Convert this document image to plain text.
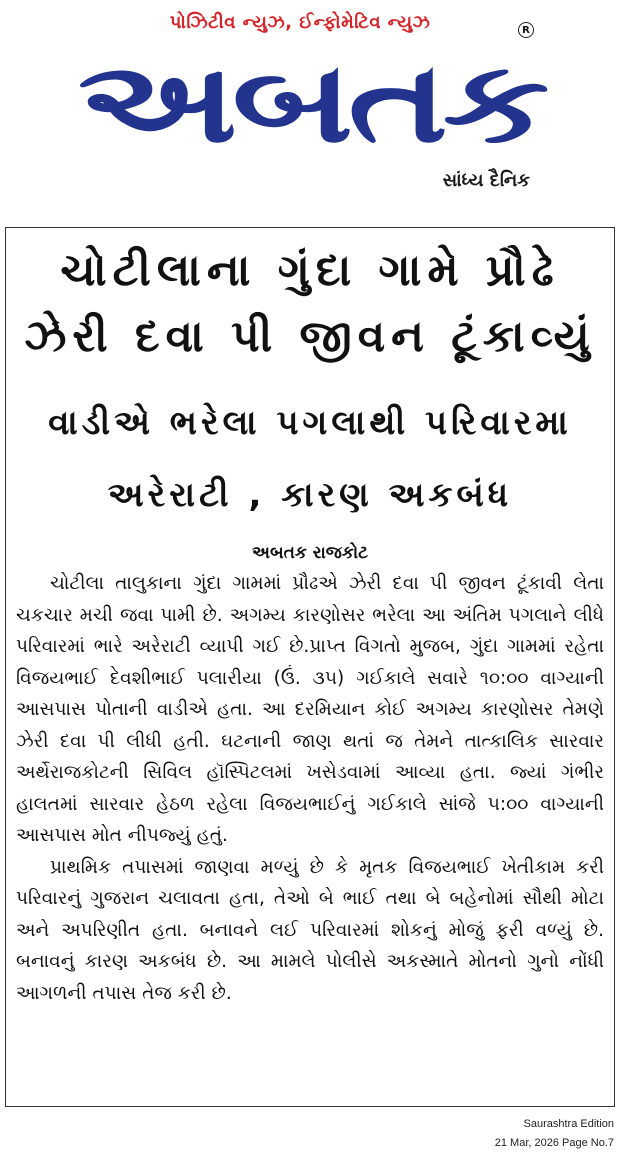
પોઝિટીવ ન્યુઝ, ઈન્ફોમેટિવ ન્યુઝ	R
અબતક
સાંધ્ય દૈનિક
ચોટીલાના ગુંદા ગામે પ્રૌઢે
ઝેરી દવા પી જીવન ટૂંકાવ્યું
વાડીએ ભરેલા પગલાથી પરિવારમા
અરેરાટી , કારણ અકબંધ
અબતક રાજકોટ

ચોટીલા તાલુકાના ગુંદા ગામમાં પ્રૌઢએ ઝેરી દવા પી જીવન ટૂંકાવી લેતા ચકચાર મચી જવા પામી છે. અગમ્ય કારણોસર ભરેલા આ અંતિમ પગલાને લીધે પરિવારમાં ભારે અરેરાટી વ્યાપી ગઈ છે.પ્રાપ્ત વિગતો મુજબ, ગુંદા ગામમાં રહેતા વિજયભાઈ દેવશીભાઈ પલારીયા (ઉં. ૩૫) ગઈકાલે સવારે ૧૦:૦૦ વાગ્યાની આસપાસ પોતાની વાડીએ હતા. આ દરમિયાન કોઈ અગમ્ય કારણોસર તેમણે ઝેરી દવા પી લીધી હતી. ઘટનાની જાણ થતાં જ તેમને તાત્કાલિક સારવાર અર્થેરાજકોટની સિવિલ હૉસ્પિટલમાં ખસેડવામાં આવ્યા હતા. જ્યાં ગંભીર હાલતમાં સારવાર હેઠળ રહેલા વિજયભાઈનું ગઈકાલે સાંજે ૫:૦૦ વાગ્યાની આસપાસ મોત નીપજ્યું હતું.

પ્રાથમિક તપાસમાં જાણવા મળ્યું છે કે મૃતક વિજયભાઈ ખેતીકામ કરી પરિવારનું ગુજરાન ચલાવતા હતા, તેઓ બે ભાઈ તથા બે બહેનોમાં સૌથી મોટા અને અપરિણીત હતા. બનાવને લઈ પરિવારમાં શોકનું મોજું ફરી વળ્યું છે. બનાવનું કારણ અકબંધ છે. આ મામલે પોલીસે અકસ્માતે મોતનો ગુનો નોંધી આગળની તપાસ તેજ કરી છે.

Saurashtra Edition
21 Mar, 2026 Page No.7
